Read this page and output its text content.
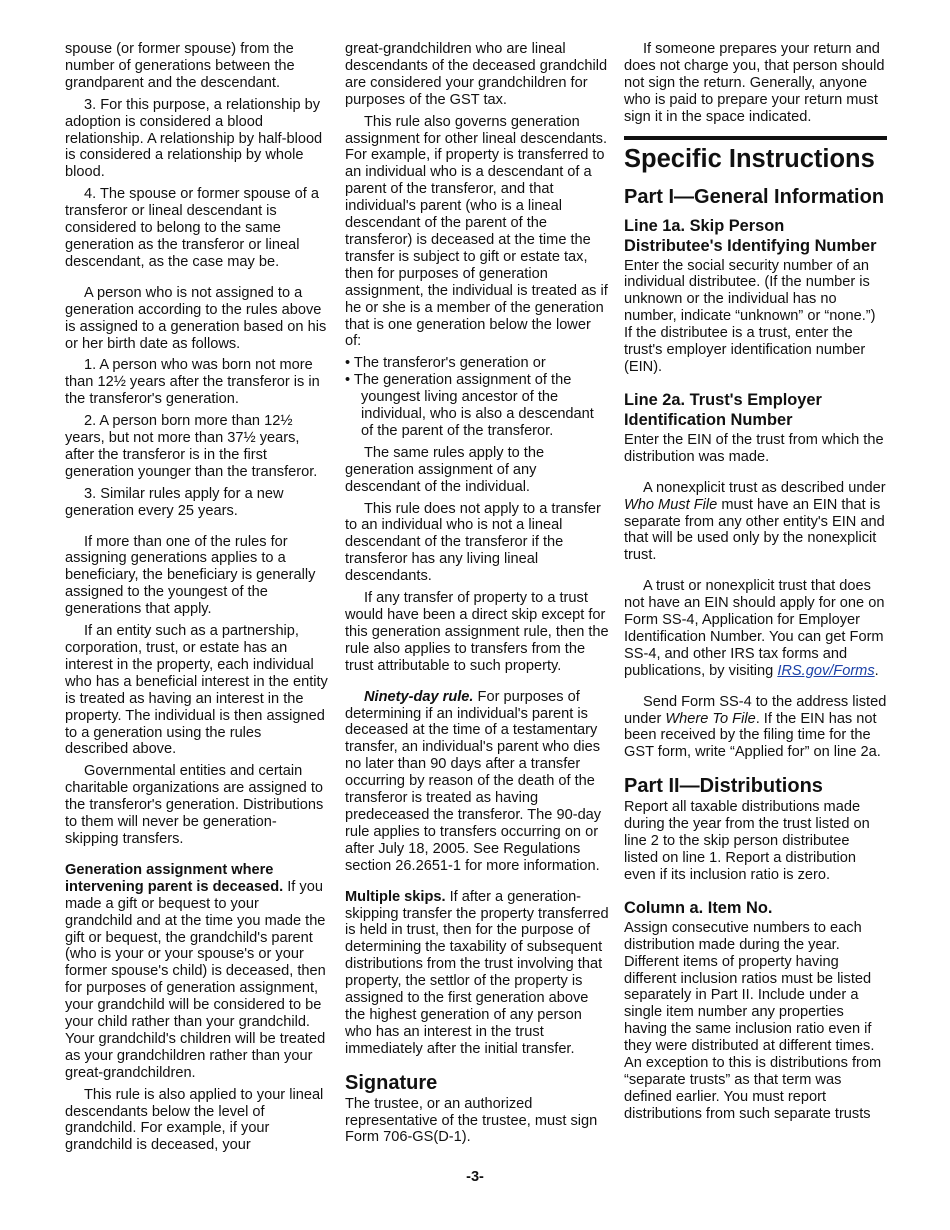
spouse (or former spouse) from the number of generations between the grandparent and the descendant.

3. For this purpose, a relationship by adoption is considered a blood relationship. A relationship by half-blood is considered a relationship by whole blood.

4. The spouse or former spouse of a transferor or lineal descendant is considered to belong to the same generation as the transferor or lineal descendant, as the case may be.

A person who is not assigned to a generation according to the rules above is assigned to a generation based on his or her birth date as follows.

1. A person who was born not more than 12½ years after the transferor is in the transferor's generation.

2. A person born more than 12½ years, but not more than 37½ years, after the transferor is in the first generation younger than the transferor.

3. Similar rules apply for a new generation every 25 years.

If more than one of the rules for assigning generations applies to a beneficiary, the beneficiary is generally assigned to the youngest of the generations that apply.

If an entity such as a partnership, corporation, trust, or estate has an interest in the property, each individual who has a beneficial interest in the entity is treated as having an interest in the property. The individual is then assigned to a generation using the rules described above.

Governmental entities and certain charitable organizations are assigned to the transferor's generation. Distributions to them will never be generation-skipping transfers.

Generation assignment where intervening parent is deceased. If you made a gift or bequest to your grandchild and at the time you made the gift or bequest, the grandchild's parent (who is your or your spouse's or your former spouse's child) is deceased, then for purposes of generation assignment, your grandchild will be considered to be your child rather than your grandchild. Your grandchild's children will be treated as your grandchildren rather than your great-grandchildren.

This rule is also applied to your lineal descendants below the level of grandchild. For example, if your grandchild is deceased, your

great-grandchildren who are lineal descendants of the deceased grandchild are considered your grandchildren for purposes of the GST tax.

This rule also governs generation assignment for other lineal descendants. For example, if property is transferred to an individual who is a descendant of a parent of the transferor, and that individual's parent (who is a lineal descendant of the parent of the transferor) is deceased at the time the transfer is subject to gift or estate tax, then for purposes of generation assignment, the individual is treated as if he or she is a member of the generation that is one generation below the lower of:

• The transferor's generation or

• The generation assignment of the youngest living ancestor of the individual, who is also a descendant of the parent of the transferor.

The same rules apply to the generation assignment of any descendant of the individual.

This rule does not apply to a transfer to an individual who is not a lineal descendant of the transferor if the transferor has any living lineal descendants.

If any transfer of property to a trust would have been a direct skip except for this generation assignment rule, then the rule also applies to transfers from the trust attributable to such property.

Ninety-day rule. For purposes of determining if an individual's parent is deceased at the time of a testamentary transfer, an individual's parent who dies no later than 90 days after a transfer occurring by reason of the death of the transferor is treated as having predeceased the transferor. The 90-day rule applies to transfers occurring on or after July 18, 2005. See Regulations section 26.2651-1 for more information.

Multiple skips. If after a generation-skipping transfer the property transferred is held in trust, then for the purpose of determining the taxability of subsequent distributions from the trust involving that property, the settlor of the property is assigned to the first generation above the highest generation of any person who has an interest in the trust immediately after the initial transfer.

Signature

The trustee, or an authorized representative of the trustee, must sign Form 706-GS(D-1).

If someone prepares your return and does not charge you, that person should not sign the return. Generally, anyone who is paid to prepare your return must sign it in the space indicated.

Specific Instructions
Part I—General Information
Line 1a. Skip Person Distributee's Identifying Number

Enter the social security number of an individual distributee. (If the number is unknown or the individual has no number, indicate “unknown” or “none.”) If the distributee is a trust, enter the trust's employer identification number (EIN).

Line 2a. Trust's Employer Identification Number

Enter the EIN of the trust from which the distribution was made.

A nonexplicit trust as described under Who Must File must have an EIN that is separate from any other entity's EIN and that will be used only by the nonexplicit trust.

A trust or nonexplicit trust that does not have an EIN should apply for one on Form SS-4, Application for Employer Identification Number. You can get Form SS-4, and other IRS tax forms and publications, by visiting IRS.gov/Forms.

Send Form SS-4 to the address listed under Where To File. If the EIN has not been received by the filing time for the GST form, write “Applied for” on line 2a.

Part II—Distributions

Report all taxable distributions made during the year from the trust listed on line 2 to the skip person distributee listed on line 1. Report a distribution even if its inclusion ratio is zero.

Column a. Item No.

Assign consecutive numbers to each distribution made during the year. Different items of property having different inclusion ratios must be listed separately in Part II. Include under a single item number any properties having the same inclusion ratio even if they were distributed at different times. An exception to this is distributions from “separate trusts” as that term was defined earlier. You must report distributions from such separate trusts

-3-
